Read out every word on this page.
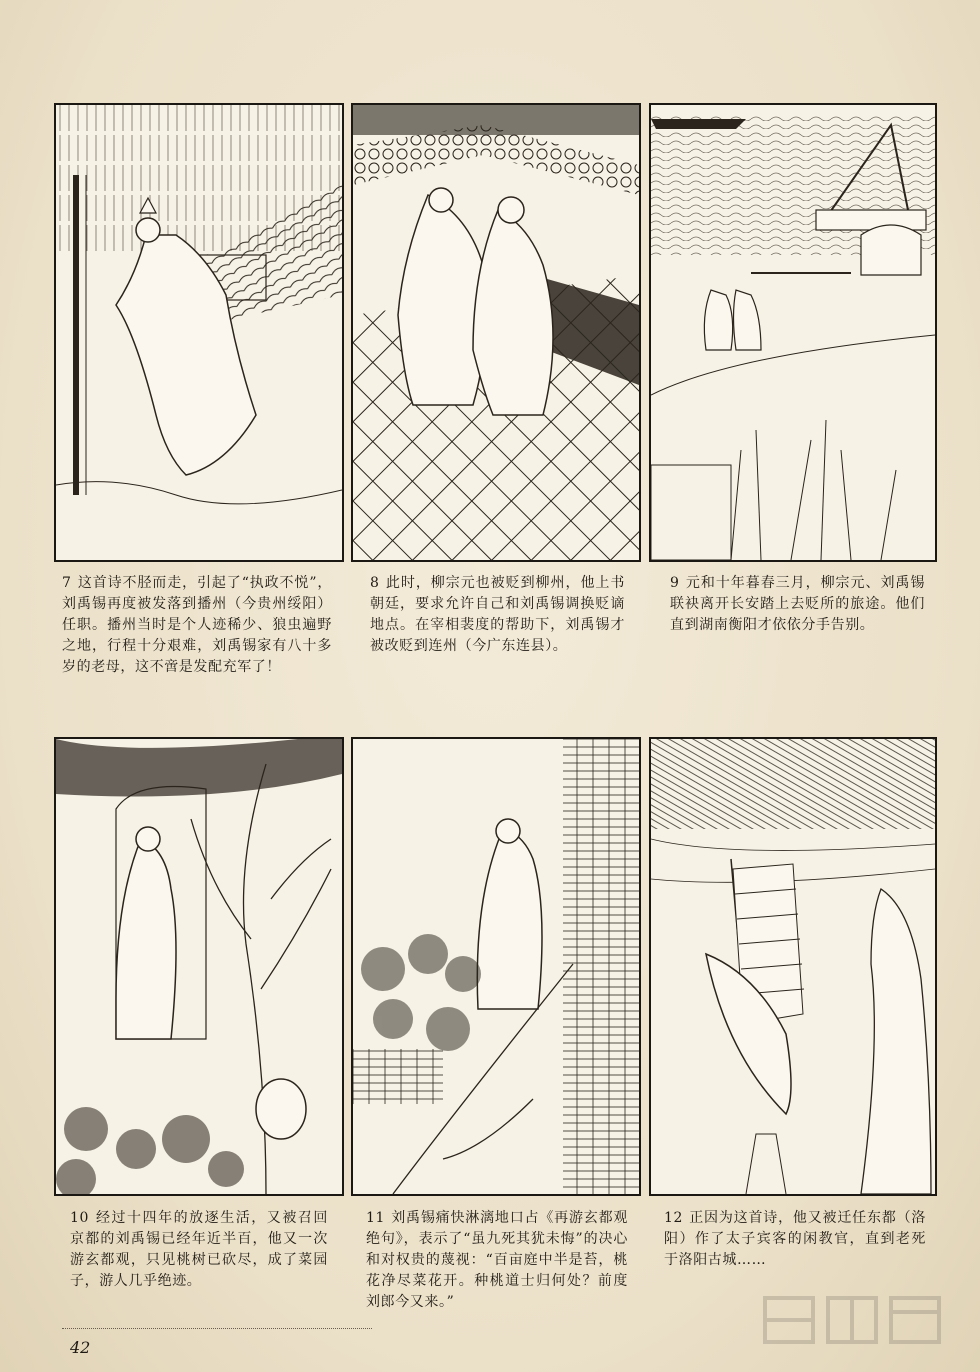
7 这首诗不胫而走，引起了“执政不悦”，刘禹锡再度被发落到播州（今贵州绥阳）任职。播州当时是个人迹稀少、狼虫遍野之地，行程十分艰难，刘禹锡家有八十多岁的老母，这不啻是发配充军了！
8 此时，柳宗元也被贬到柳州，他上书朝廷，要求允许自己和刘禹锡调换贬谪地点。在宰相裴度的帮助下，刘禹锡才被改贬到连州（今广东连县）。
9 元和十年暮春三月，柳宗元、刘禹锡联袂离开长安踏上去贬所的旅途。他们直到湖南衡阳才依依分手告别。
10 经过十四年的放逐生活，又被召回京都的刘禹锡已经年近半百，他又一次游玄都观，只见桃树已砍尽，成了菜园子，游人几乎绝迹。
11 刘禹锡痛快淋漓地口占《再游玄都观绝句》，表示了“虽九死其犹未悔”的决心和对权贵的蔑视：“百亩庭中半是苔，桃花净尽菜花开。种桃道士归何处？前度刘郎今又来。”
12 正因为这首诗，他又被迁任东都（洛阳）作了太子宾客的闲教官，直到老死于洛阳古城……
42
